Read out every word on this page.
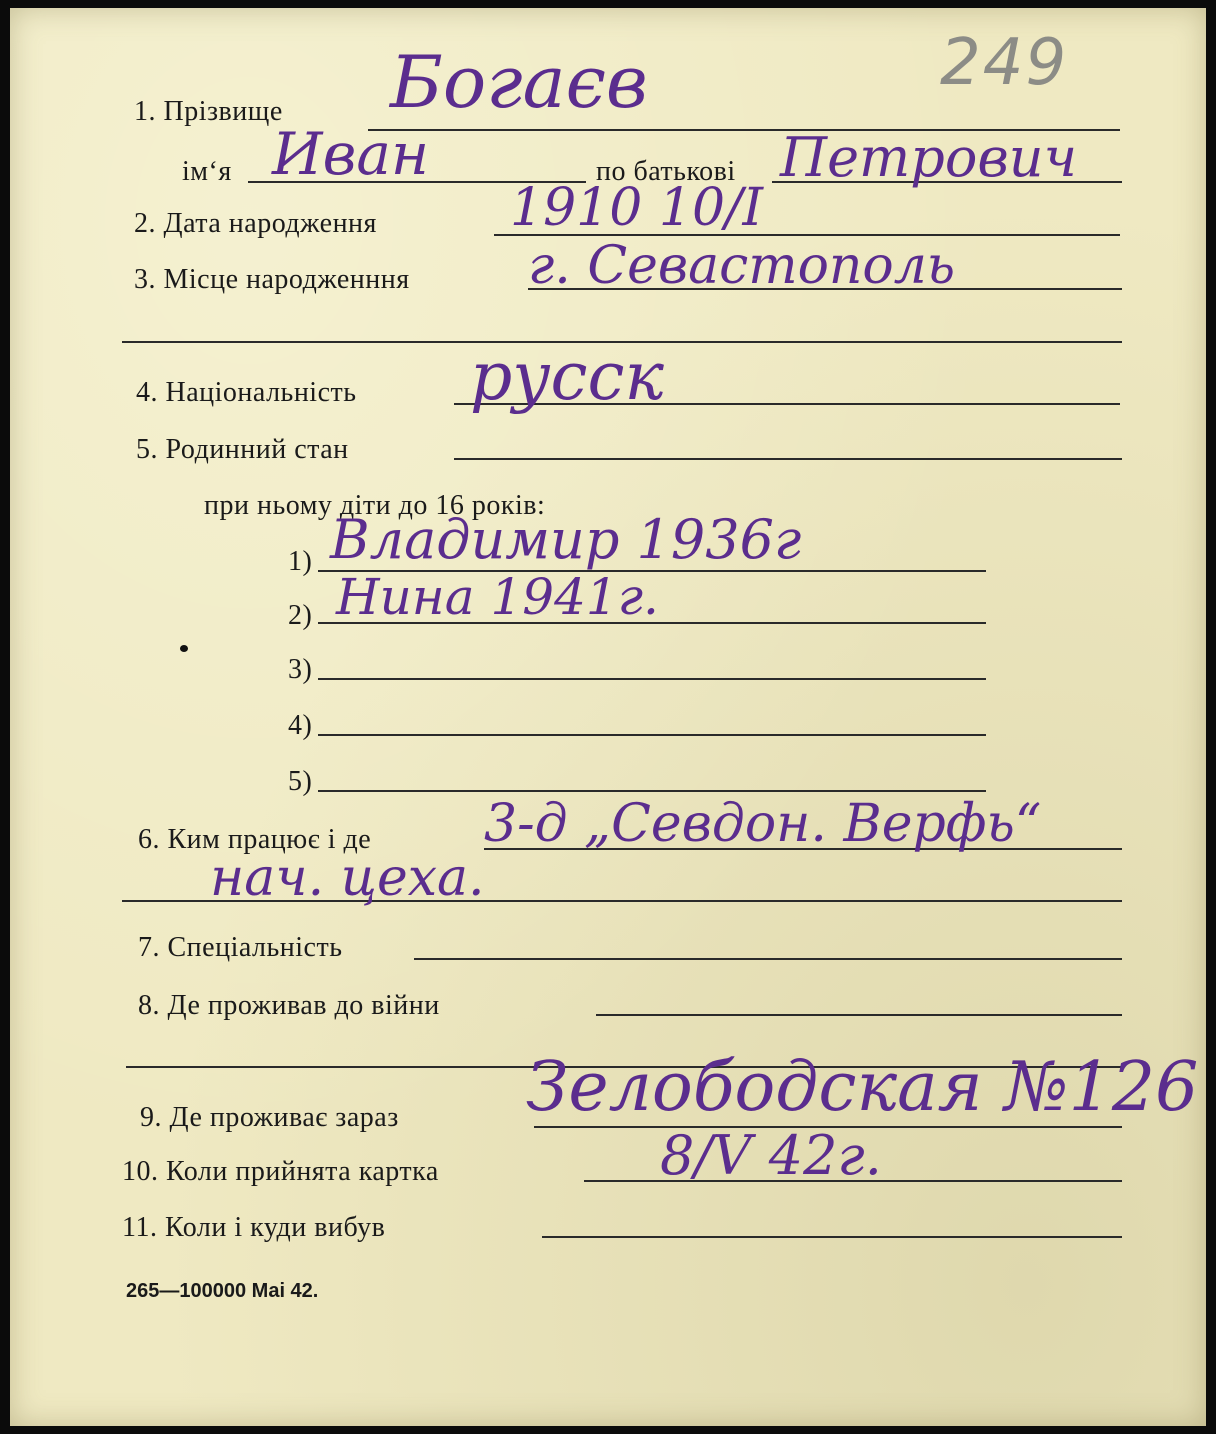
249
1. Прізвище Богаєв
ім‘я Иван	по батькові Петрович
2. Дата народження	1910 10/I
3. Місце народженння г. Севастополь
4. Національність русск
5. Родинний стан
при ньому діти до 16 років:
1) Владимир 1936г
2) Нина 1941г.
3)
4)
5)
6. Ким працює і де 3-д „Севдон. Верфь“
нач. цеха.
7. Спеціальність
8. Де проживав до війни
9. Де проживає зараз Зелободская №126
10. Коли прийнята картка	8/V 42г.
11. Коли і куди вибув
265—100000 Mai 42.
